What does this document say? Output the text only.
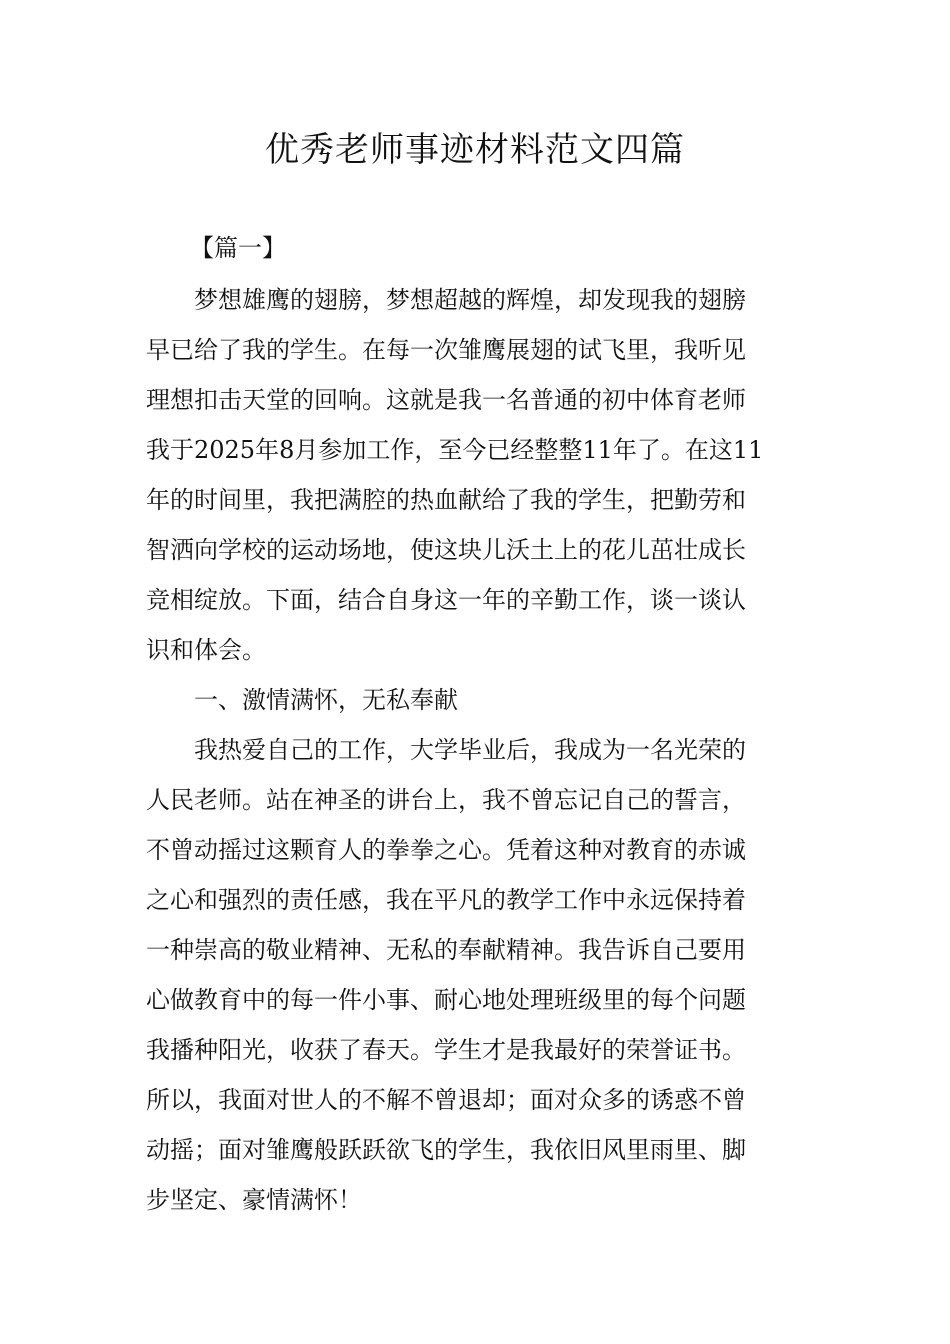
优秀老师事迹材料范文四篇
【篇一】
梦想雄鹰的翅膀，梦想超越的辉煌，却发现我的翅膀
早已给了我的学生。在每一次雏鹰展翅的试飞里，我听见
理想扣击天堂的回响。这就是我一名普通的初中体育老师
我于2025年8月参加工作，至今已经整整11年了。在这11
年的时间里，我把满腔的热血献给了我的学生，把勤劳和
智洒向学校的运动场地，使这块儿沃土上的花儿茁壮成长
竞相绽放。下面，结合自身这一年的辛勤工作，谈一谈认
识和体会。
一、激情满怀，无私奉献
我热爱自己的工作，大学毕业后，我成为一名光荣的
人民老师。站在神圣的讲台上，我不曾忘记自己的誓言，
不曾动摇过这颗育人的拳拳之心。凭着这种对教育的赤诚
之心和强烈的责任感，我在平凡的教学工作中永远保持着
一种崇高的敬业精神、无私的奉献精神。我告诉自己要用
心做教育中的每一件小事、耐心地处理班级里的每个问题
我播种阳光，收获了春天。学生才是我最好的荣誉证书。
所以，我面对世人的不解不曾退却；面对众多的诱惑不曾
动摇；面对雏鹰般跃跃欲飞的学生，我依旧风里雨里、脚
步坚定、豪情满怀！
